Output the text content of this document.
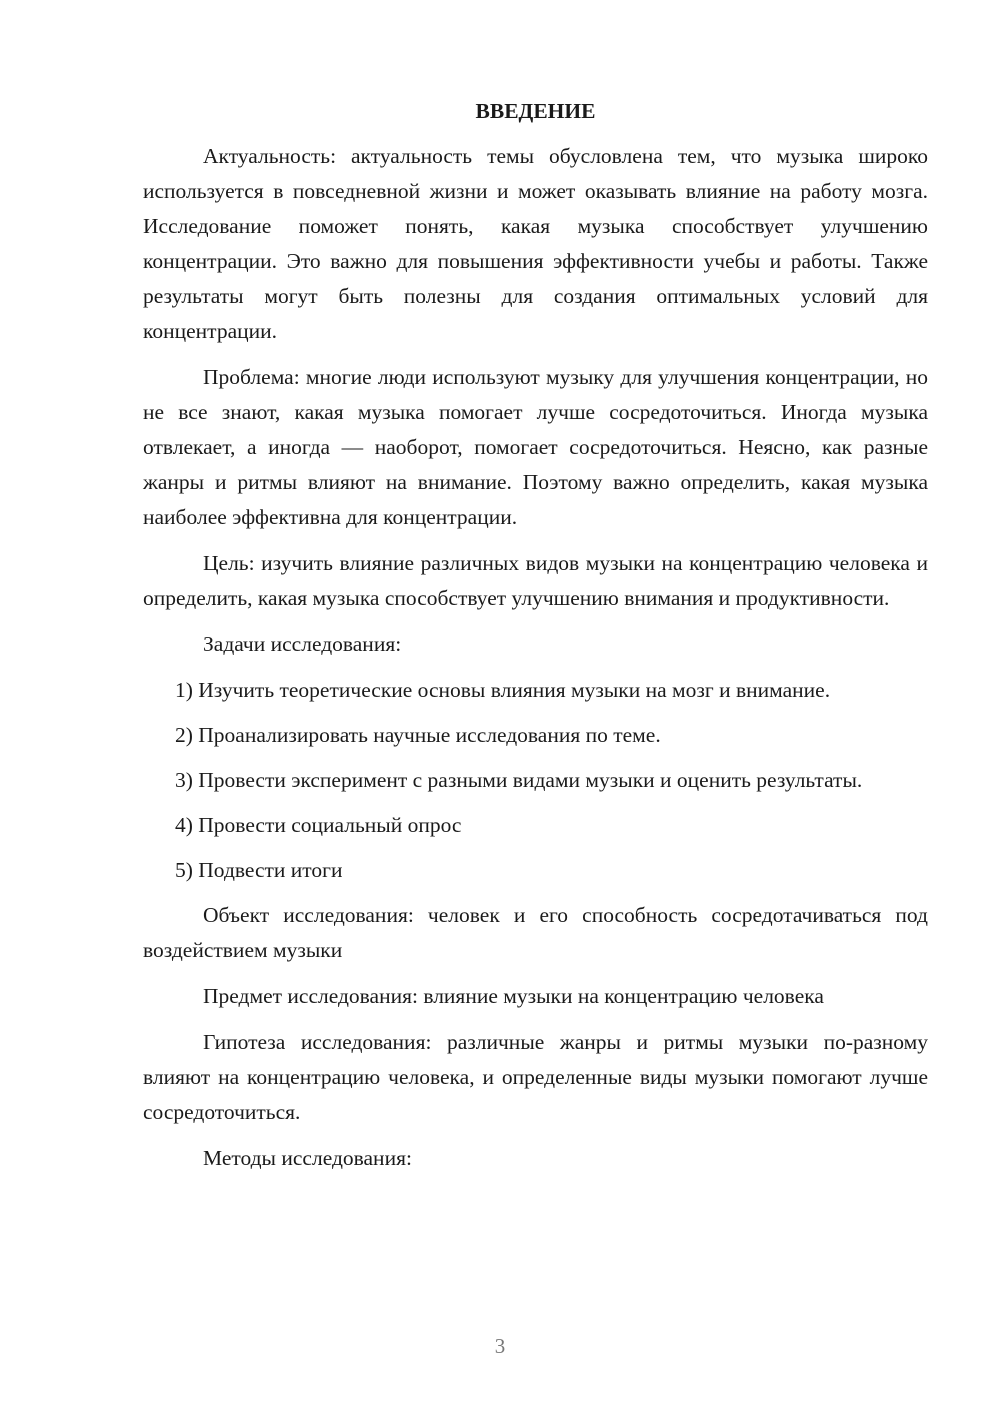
ВВЕДЕНИЕ

Актуальность: актуальность темы обусловлена тем, что музыка широко используется в повседневной жизни и может оказывать влияние на работу мозга. Исследование поможет понять, какая музыка способствует улучшению концентрации. Это важно для повышения эффективности учебы и работы. Также результаты могут быть полезны для создания оптимальных условий для концентрации.

Проблема: многие люди используют музыку для улучшения концентрации, но не все знают, какая музыка помогает лучше сосредоточиться. Иногда музыка отвлекает, а иногда — наоборот, помогает сосредоточиться. Неясно, как разные жанры и ритмы влияют на внимание. Поэтому важно определить, какая музыка наиболее эффективна для концентрации.

Цель: изучить влияние различных видов музыки на концентрацию человека и определить, какая музыка способствует улучшению внимания и продуктивности.

Задачи исследования:

1) Изучить теоретические основы влияния музыки на мозг и внимание.

2) Проанализировать научные исследования по теме.

3) Провести эксперимент с разными видами музыки и оценить результаты.

4) Провести социальный опрос

5) Подвести итоги

Объект исследования: человек и его способность сосредотачиваться под воздействием музыки

Предмет исследования: влияние музыки на концентрацию человека

Гипотеза исследования: различные жанры и ритмы музыки по-разному влияют на концентрацию человека, и определенные виды музыки помогают лучше сосредоточиться.

Методы исследования:

3
